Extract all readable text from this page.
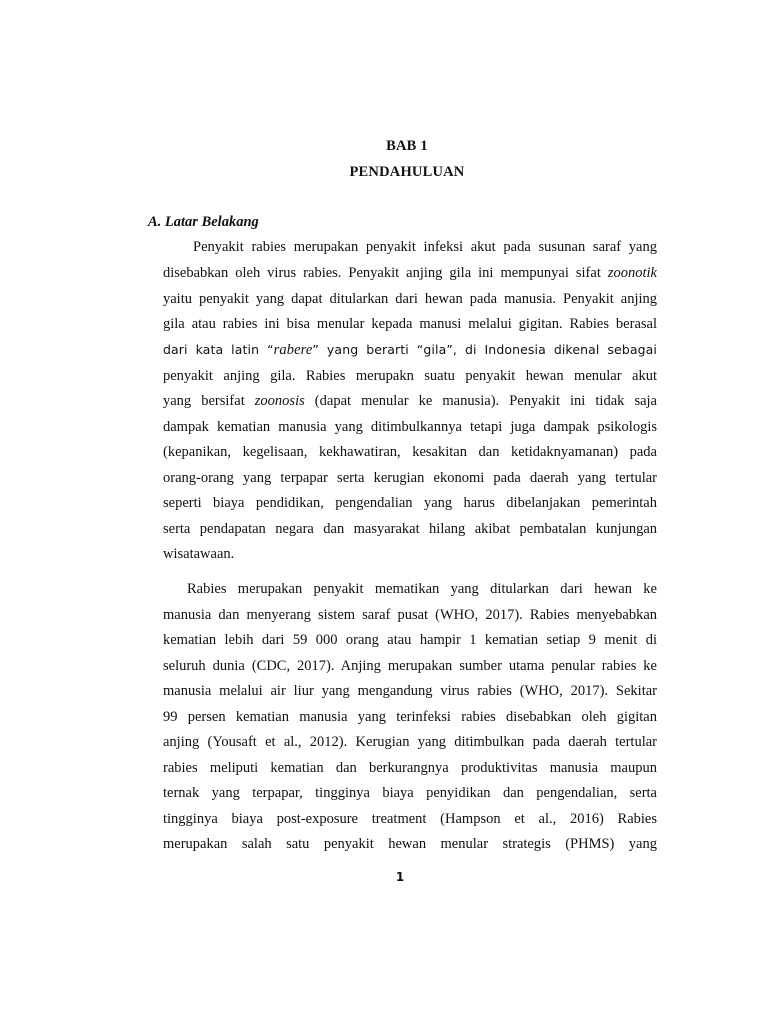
BAB 1
PENDAHULUAN
A. Latar Belakang
Penyakit rabies merupakan penyakit infeksi akut pada susunan saraf yang
disebabkan oleh virus rabies. Penyakit anjing gila ini mempunyai sifat zoonotik
yaitu penyakit yang dapat ditularkan dari hewan pada manusia. Penyakit anjing
gila atau rabies ini bisa menular kepada manusi melalui gigitan. Rabies berasal
dari kata latin “rabere” yang berarti “gila”, di Indonesia dikenal sebagai
penyakit anjing gila. Rabies merupakn suatu penyakit hewan menular akut
yang bersifat zoonosis (dapat menular ke manusia). Penyakit ini tidak saja
dampak kematian manusia yang ditimbulkannya tetapi juga dampak psikologis
(kepanikan, kegelisaan, kekhawatiran, kesakitan dan ketidaknyamanan) pada
orang-orang yang terpapar serta kerugian ekonomi pada daerah yang tertular
seperti biaya pendidikan, pengendalian yang harus dibelanjakan pemerintah
serta pendapatan negara dan masyarakat hilang akibat pembatalan kunjungan
wisatawaan.
Rabies merupakan penyakit mematikan yang ditularkan dari hewan ke
manusia dan menyerang sistem saraf pusat (WHO, 2017). Rabies menyebabkan
kematian lebih dari 59 000 orang atau hampir 1 kematian setiap 9 menit di
seluruh dunia (CDC, 2017). Anjing merupakan sumber utama penular rabies ke
manusia melalui air liur yang mengandung virus rabies (WHO, 2017). Sekitar
99 persen kematian manusia yang terinfeksi rabies disebabkan oleh gigitan
anjing (Yousaft et al., 2012). Kerugian yang ditimbulkan pada daerah tertular
rabies meliputi kematian dan berkurangnya produktivitas manusia maupun
ternak yang terpapar, tingginya biaya penyidikan dan pengendalian, serta
tingginya biaya post-exposure treatment (Hampson et al., 2016) Rabies
merupakan salah satu penyakit hewan menular strategis (PHMS) yang
1
